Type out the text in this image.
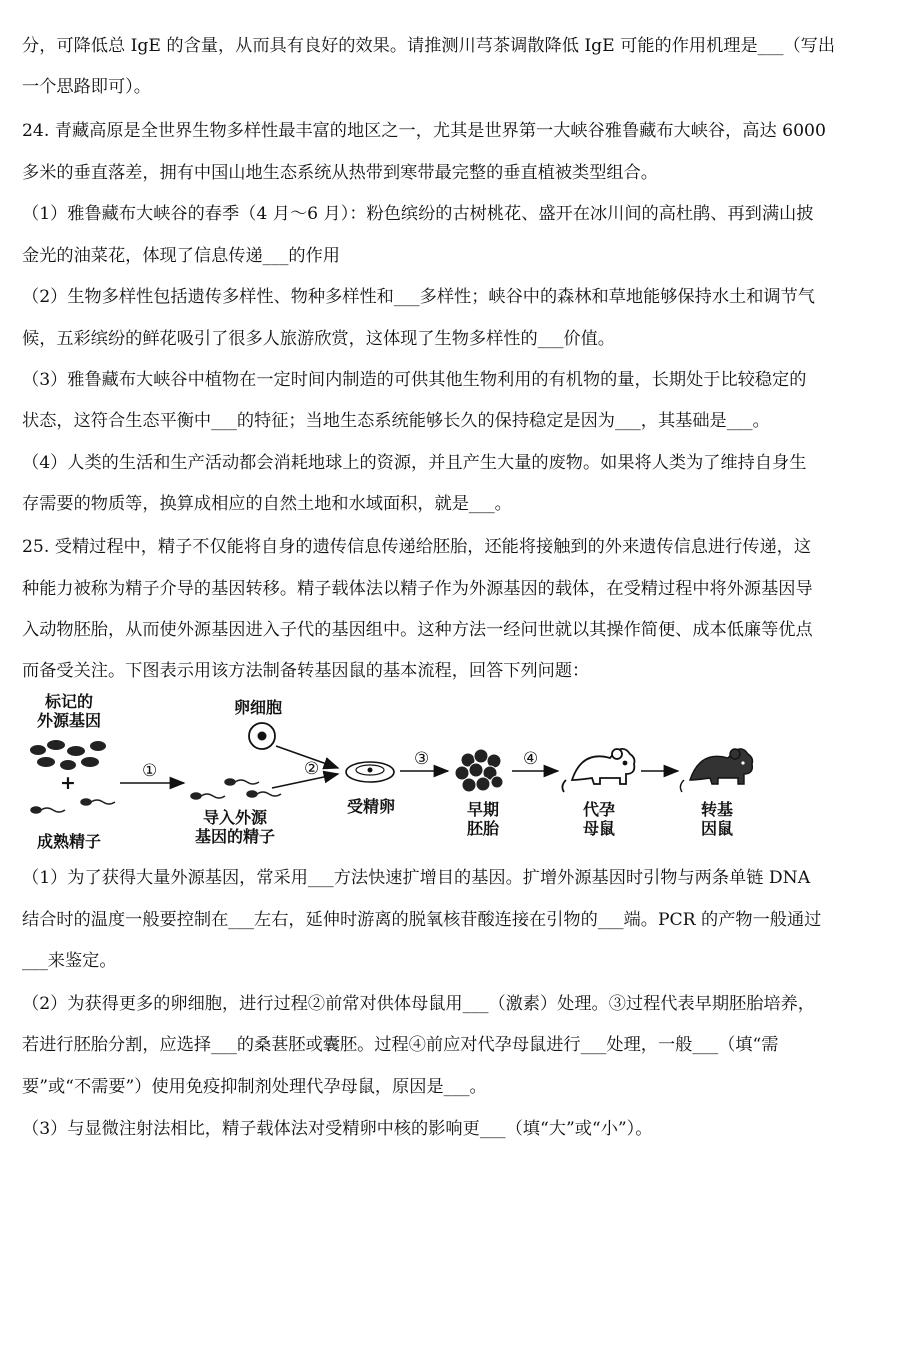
分，可降低总 IgE 的含量，从而具有良好的效果。请推测川芎茶调散降低 IgE 可能的作用机理是___（写出
一个思路即可）。
24. 青藏高原是全世界生物多样性最丰富的地区之一，尤其是世界第一大峡谷雅鲁藏布大峡谷，高达 6000
多米的垂直落差，拥有中国山地生态系统从热带到寒带最完整的垂直植被类型组合。
（1）雅鲁藏布大峡谷的春季（4 月～6 月）：粉色缤纷的古树桃花、盛开在冰川间的高杜鹃、再到满山披
金光的油菜花，体现了信息传递___的作用
（2）生物多样性包括遗传多样性、物种多样性和___多样性；峡谷中的森林和草地能够保持水土和调节气
候，五彩缤纷的鲜花吸引了很多人旅游欣赏，这体现了生物多样性的___价值。
（3）雅鲁藏布大峡谷中植物在一定时间内制造的可供其他生物利用的有机物的量，长期处于比较稳定的
状态，这符合生态平衡中___的特征；当地生态系统能够长久的保持稳定是因为___，其基础是___。
（4）人类的生活和生产活动都会消耗地球上的资源，并且产生大量的废物。如果将人类为了维持自身生
存需要的物质等，换算成相应的自然土地和水域面积，就是___。
25. 受精过程中，精子不仅能将自身的遗传信息传递给胚胎，还能将接触到的外来遗传信息进行传递，这
种能力被称为精子介导的基因转移。精子载体法以精子作为外源基因的载体，在受精过程中将外源基因导
入动物胚胎，从而使外源基因进入子代的基因组中。这种方法一经问世就以其操作简便、成本低廉等优点
而备受关注。下图表示用该方法制备转基因鼠的基本流程，回答下列问题：
标记的
外源基因
+
成熟精子
卵细胞
导入外源
基因的精子
受精卵	早期
胚胎
代孕
母鼠
转基
因鼠
①	②	③	④
（1）为了获得大量外源基因，常采用___方法快速扩增目的基因。扩增外源基因时引物与两条单链 DNA
结合时的温度一般要控制在___左右，延伸时游离的脱氧核苷酸连接在引物的___端。PCR 的产物一般通过
___来鉴定。
（2）为获得更多的卵细胞，进行过程②前常对供体母鼠用___（激素）处理。③过程代表早期胚胎培养，
若进行胚胎分割，应选择___的桑葚胚或囊胚。过程④前应对代孕母鼠进行___处理，一般___（填“需
要”或“不需要”）使用免疫抑制剂处理代孕母鼠，原因是___。
（3）与显微注射法相比，精子载体法对受精卵中核的影响更___（填“大”或“小”）。
